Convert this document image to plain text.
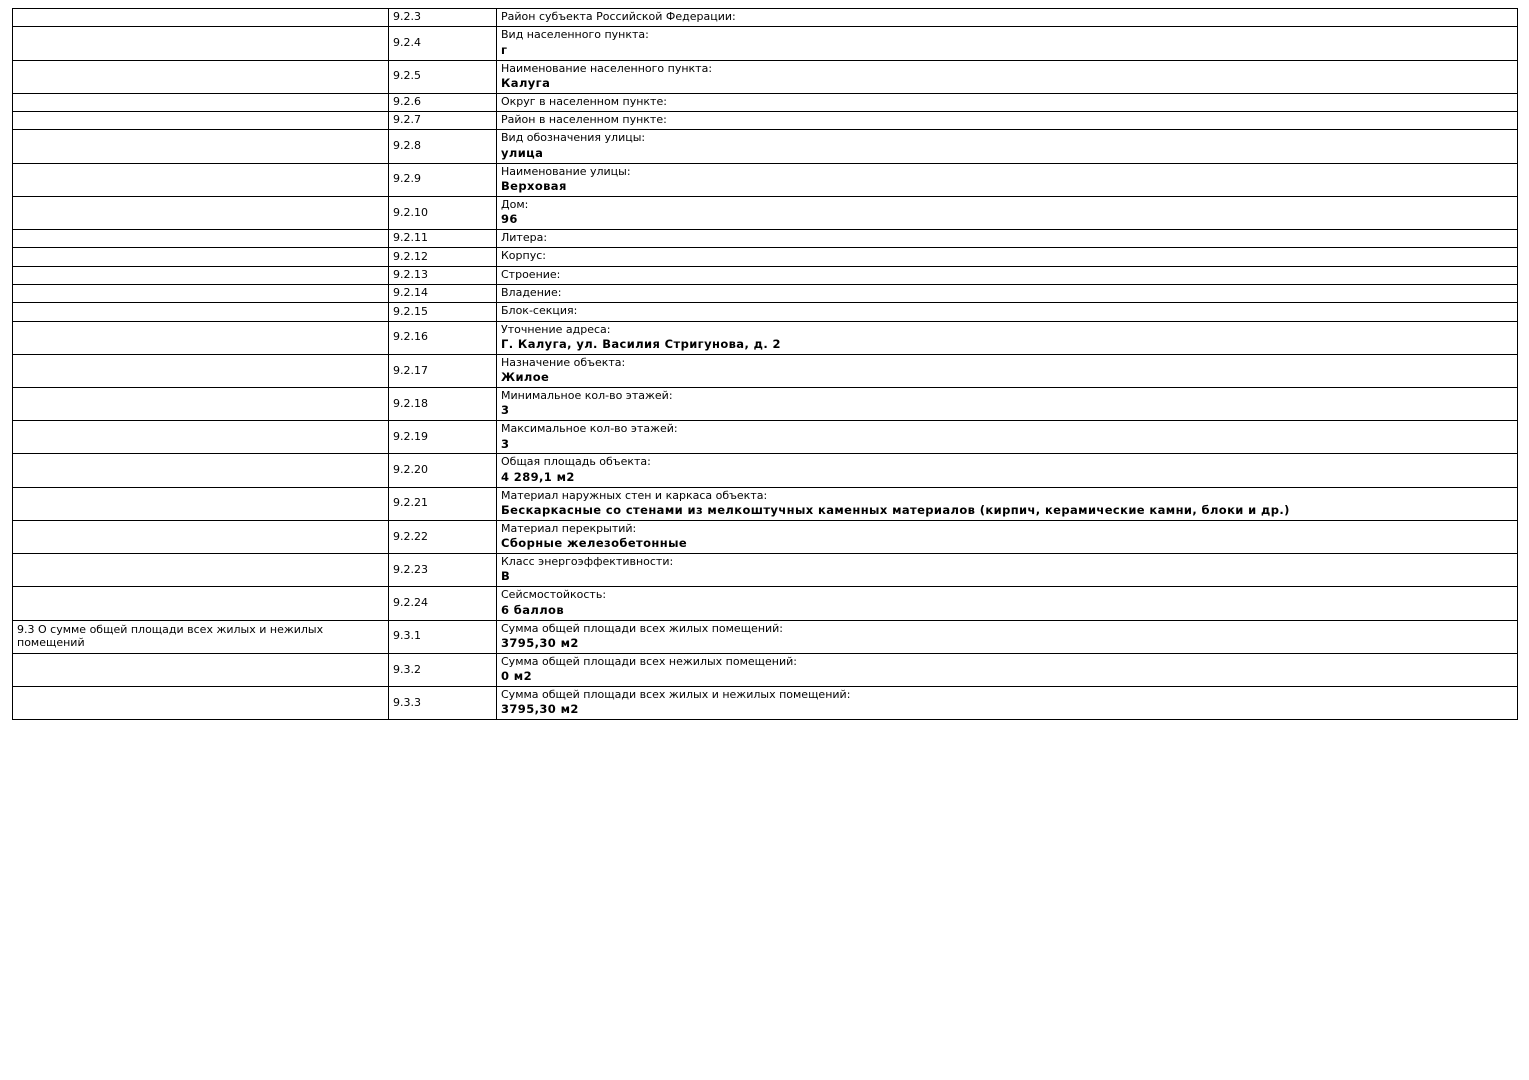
	9.2.3	Район субъекта Российской Федерации:

	9.2.4	Вид населенного пункта:
г

	9.2.5	Наименование населенного пункта:
Калуга

	9.2.6	Округ в населенном пункте:

	9.2.7	Район в населенном пункте:

	9.2.8	Вид обозначения улицы:
улица

	9.2.9	Наименование улицы:
Верховая

	9.2.10	Дом:
96

	9.2.11	Литера:

	9.2.12	Корпус:

	9.2.13	Строение:

	9.2.14	Владение:

	9.2.15	Блок-секция:

	9.2.16	Уточнение адреса:
Г. Калуга, ул. Василия Стригунова, д. 2

	9.2.17	Назначение объекта:
Жилое

	9.2.18	Минимальное кол-во этажей:
3

	9.2.19	Максимальное кол-во этажей:
3

	9.2.20	Общая площадь объекта:
4 289,1 м2

	9.2.21	Материал наружных стен и каркаса объекта:
Бескаркасные со стенами из мелкоштучных каменных материалов (кирпич, керамические камни, блоки и др.)

	9.2.22	Материал перекрытий:
Сборные железобетонные

	9.2.23	Класс энергоэффективности:
В

	9.2.24	Сейсмостойкость:
6 баллов

9.3 О сумме общей площади всех жилых и нежилых помещений	9.3.1	Сумма общей площади всех жилых помещений:
3795,30 м2

	9.3.2	Сумма общей площади всех нежилых помещений:
0 м2

	9.3.3	Сумма общей площади всех жилых и нежилых помещений:
3795,30 м2
